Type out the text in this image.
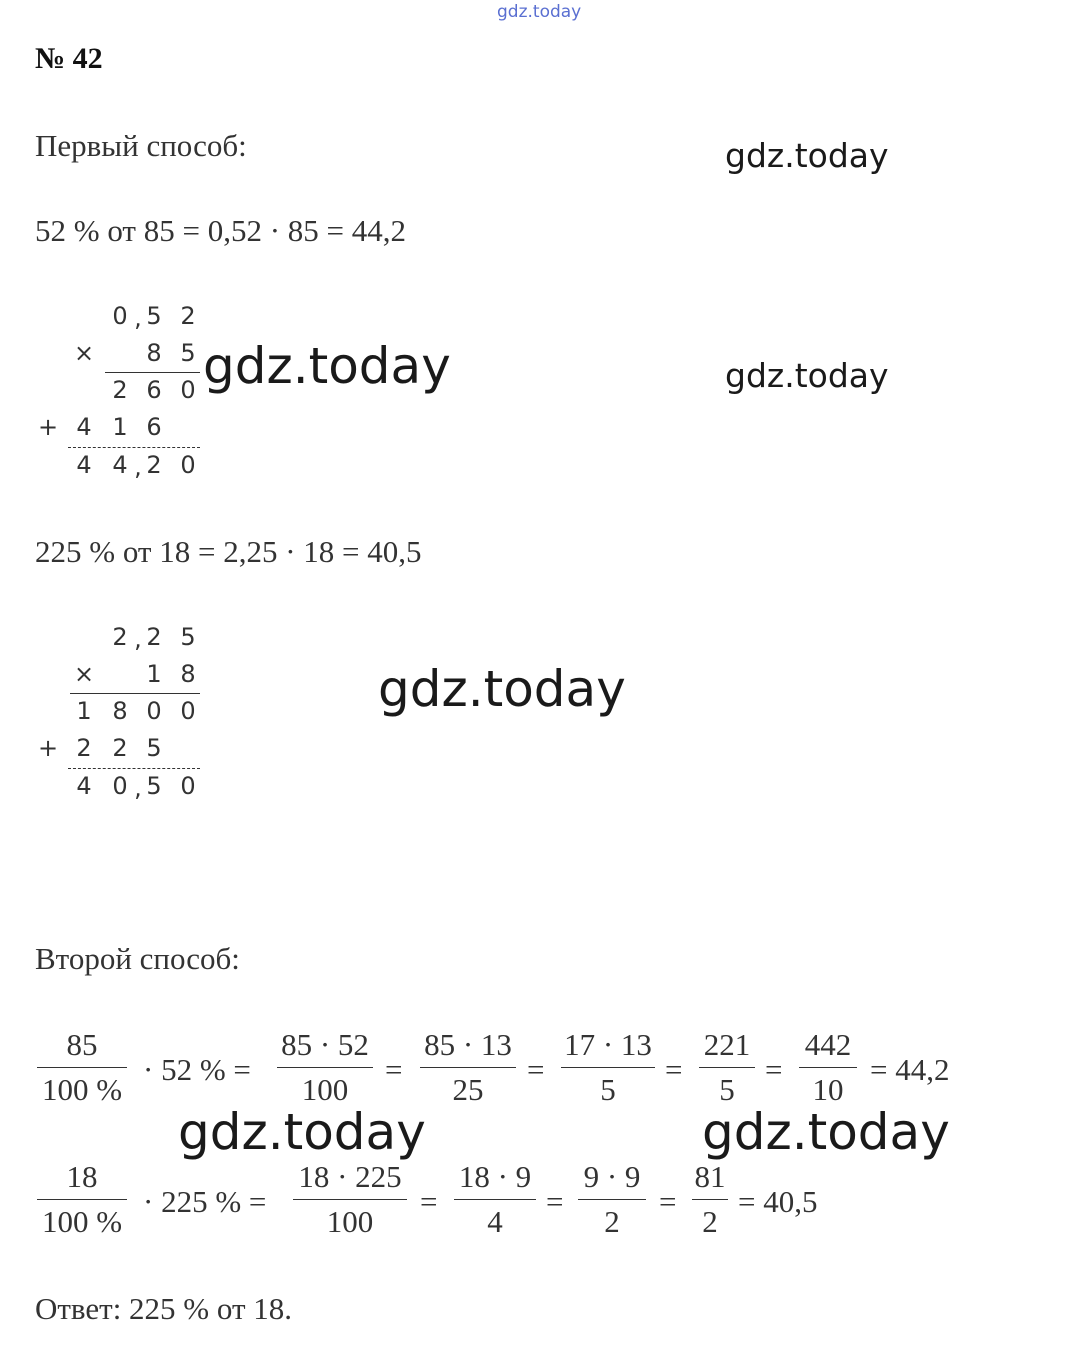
gdz.today
gdz.today
gdz.today
gdz.today
gdz.today
gdz.today	gdz.today
№ 42
Первый способ:
52 % от 85 = 0,52 · 85 = 44,2
0 , 5 2
× 8 5
2 6 0
+ 4 1 6
4 4 , 2 0
225 % от 18 = 2,25 · 18 = 40,5
2 , 2 5
× 1 8
1 8 0 0
+ 2 2 5
4 0 , 5 0
Второй способ:
85
100 %
· 52 % =
85 · 52
100
=
85 · 13
25
=
17 · 13
5
=
221
5
=
442
10
= 44,2
18
100 %
· 225 % =
18 · 225
100
=
18 · 9
4
=
9 · 9
2
=
81
2
= 40,5
Ответ: 225 % от 18.
